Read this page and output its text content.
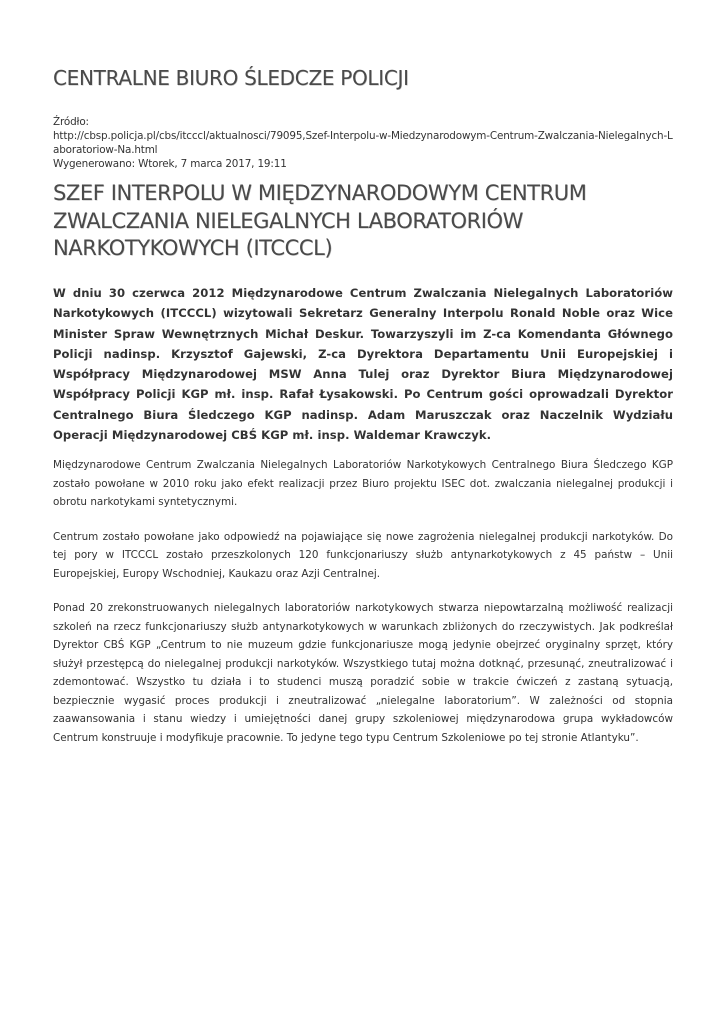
CENTRALNE BIURO ŚLEDCZE POLICJI
Źródło:
http://cbsp.policja.pl/cbs/itcccl/aktualnosci/79095,Szef-Interpolu-w-Miedzynarodowym-Centrum-Zwalczania-Nielegalnych-Laboratoriow-Na.html
Wygenerowano: Wtorek, 7 marca 2017, 19:11
SZEF INTERPOLU W MIĘDZYNARODOWYM CENTRUM ZWALCZANIA NIELEGALNYCH LABORATORIÓW NARKOTYKOWYCH (ITCCCL)

W dniu 30 czerwca 2012 Międzynarodowe Centrum Zwalczania Nielegalnych Laboratoriów Narkotykowych (ITCCCL) wizytowali Sekretarz Generalny Interpolu Ronald Noble oraz Wice Minister Spraw Wewnętrznych Michał Deskur. Towarzyszyli im Z-ca Komendanta Głównego Policji nadinsp. Krzysztof Gajewski, Z-ca Dyrektora Departamentu Unii Europejskiej i Współpracy Międzynarodowej MSW Anna Tulej oraz Dyrektor Biura Międzynarodowej Współpracy Policji KGP mł. insp. Rafał Łysakowski. Po Centrum gości oprowadzali Dyrektor Centralnego Biura Śledczego KGP nadinsp. Adam Maruszczak oraz Naczelnik Wydziału Operacji Międzynarodowej CBŚ KGP mł. insp. Waldemar Krawczyk.

Międzynarodowe Centrum Zwalczania Nielegalnych Laboratoriów Narkotykowych Centralnego Biura Śledczego KGP zostało powołane w 2010 roku jako efekt realizacji przez Biuro projektu ISEC dot. zwalczania nielegalnej produkcji i obrotu narkotykami syntetycznymi.

Centrum zostało powołane jako odpowiedź na pojawiające się nowe zagrożenia nielegalnej produkcji narkotyków. Do tej pory w ITCCCL zostało przeszkolonych 120 funkcjonariuszy służb antynarkotykowych z 45 państw – Unii Europejskiej, Europy Wschodniej, Kaukazu oraz Azji Centralnej.

Ponad 20 zrekonstruowanych nielegalnych laboratoriów narkotykowych stwarza niepowtarzalną możliwość realizacji szkoleń na rzecz funkcjonariuszy służb antynarkotykowych w warunkach zbliżonych do rzeczywistych. Jak podkreślał Dyrektor CBŚ KGP „Centrum to nie muzeum gdzie funkcjonariusze mogą jedynie obejrzeć oryginalny sprzęt, który służył przestępcą do nielegalnej produkcji narkotyków. Wszystkiego tutaj można dotknąć, przesunąć, zneutralizować i zdemontować. Wszystko tu działa i to studenci muszą poradzić sobie w trakcie ćwiczeń z zastaną sytuacją, bezpiecznie wygasić proces produkcji i zneutralizować „nielegalne laboratorium”. W zależności od stopnia zaawansowania i stanu wiedzy i umiejętności danej grupy szkoleniowej międzynarodowa grupa wykładowców Centrum konstruuje i modyfikuje pracownie. To jedyne tego typu Centrum Szkoleniowe po tej stronie Atlantyku”.
